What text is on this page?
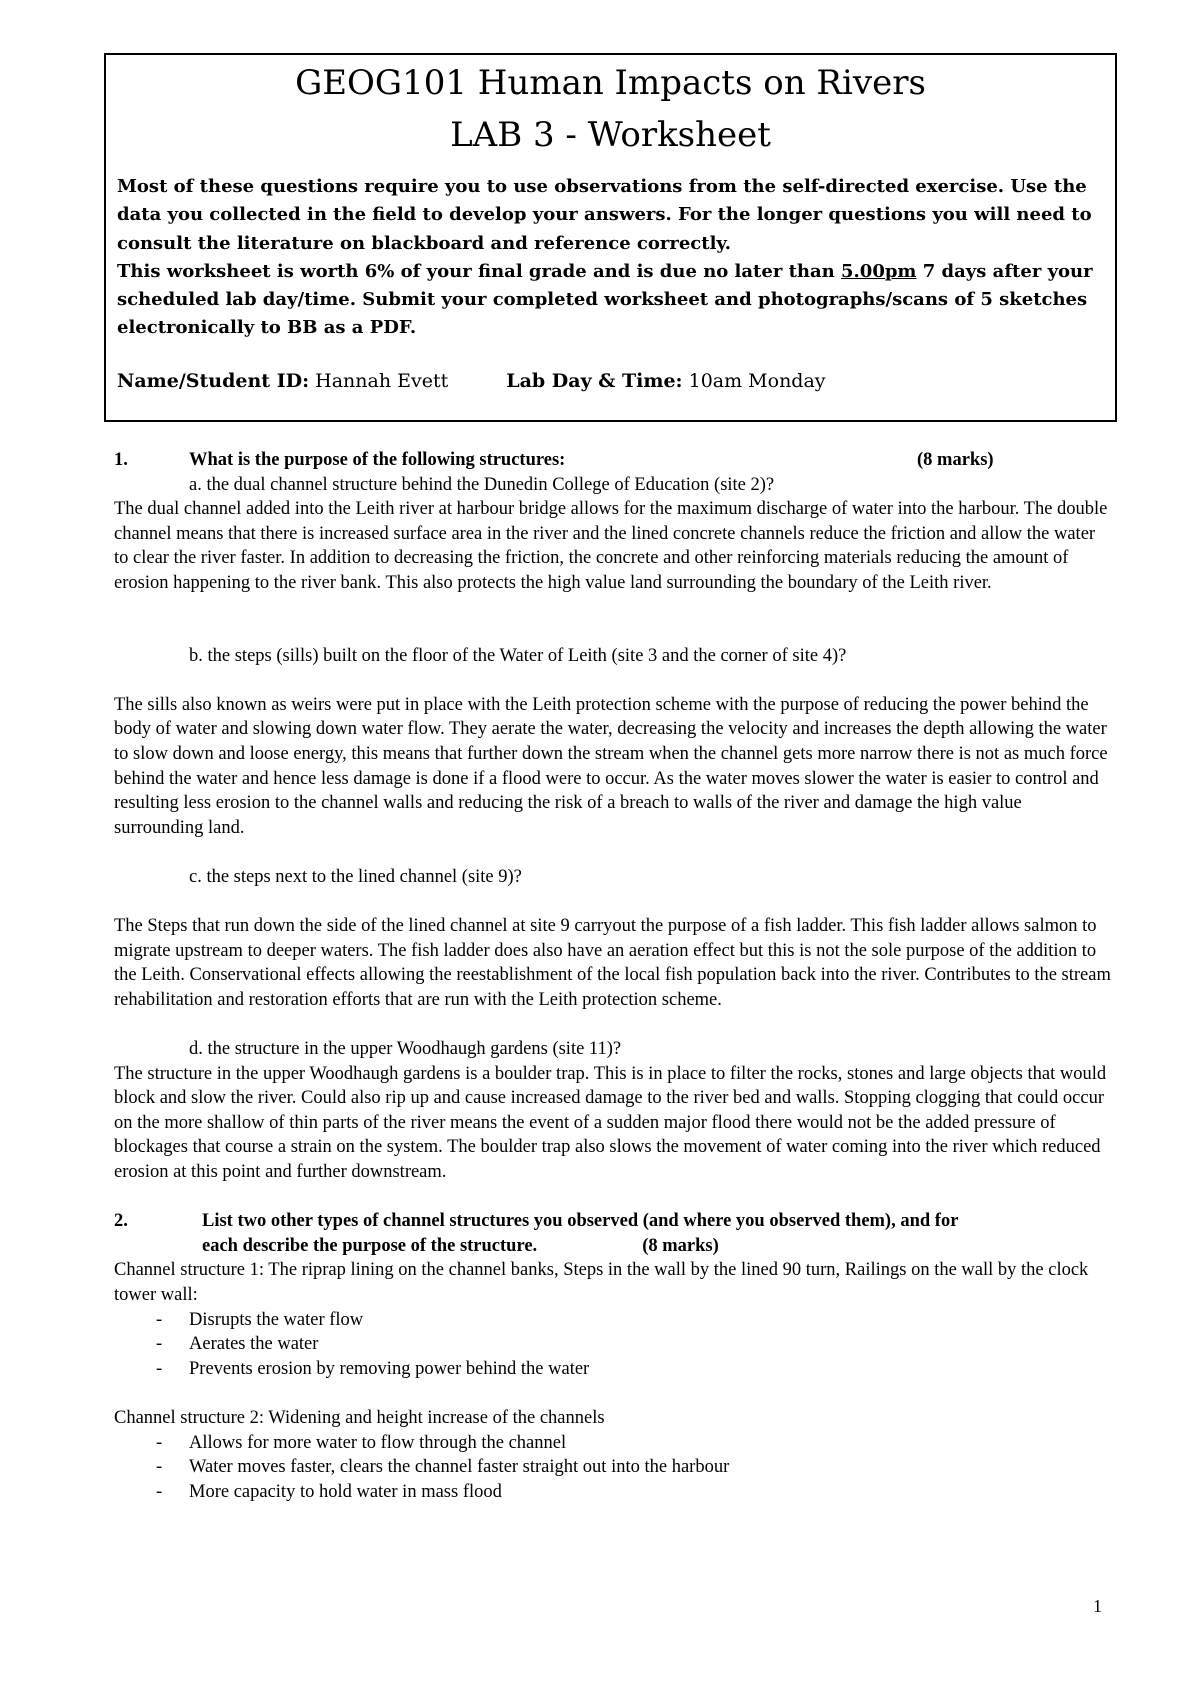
GEOG101 Human Impacts on Rivers
LAB 3 - Worksheet
Most of these questions require you to use observations from the self-directed exercise. Use the data you collected in the field to develop your answers. For the longer questions you will need to consult the literature on blackboard and reference correctly.
This worksheet is worth 6% of your final grade and is due no later than 5.00pm 7 days after your scheduled lab day/time. Submit your completed worksheet and photographs/scans of 5 sketches electronically to BB as a PDF.
Name/Student ID: Hannah Evett	Lab Day & Time: 10am Monday
1.	What is the purpose of the following structures:	(8 marks)

a. the dual channel structure behind the Dunedin College of Education (site 2)?

The dual channel added into the Leith river at harbour bridge allows for the maximum discharge of water into the harbour. The double channel means that there is increased surface area in the river and the lined concrete channels reduce the friction and allow the water to clear the river faster. In addition to decreasing the friction, the concrete and other reinforcing materials reducing the amount of erosion happening to the river bank. This also protects the high value land surrounding the boundary of the Leith river.

b. the steps (sills) built on the floor of the Water of Leith (site 3 and the corner of site 4)?

The sills also known as weirs were put in place with the Leith protection scheme with the purpose of reducing the power behind the body of water and slowing down water flow. They aerate the water, decreasing the velocity and increases the depth allowing the water to slow down and loose energy, this means that further down the stream when the channel gets more narrow there is not as much force behind the water and hence less damage is done if a flood were to occur. As the water moves slower the water is easier to control and resulting less erosion to the channel walls and reducing the risk of a breach to walls of the river and damage the high value surrounding land.

c. the steps next to the lined channel (site 9)?

The Steps that run down the side of the lined channel at site 9 carryout the purpose of a fish ladder. This fish ladder allows salmon to migrate upstream to deeper waters. The fish ladder does also have an aeration effect but this is not the sole purpose of the addition to the Leith. Conservational effects allowing the reestablishment of the local fish population back into the river. Contributes to the stream rehabilitation and restoration efforts that are run with the Leith protection scheme.

d. the structure in the upper Woodhaugh gardens (site 11)?

The structure in the upper Woodhaugh gardens is a boulder trap. This is in place to filter the rocks, stones and large objects that would block and slow the river. Could also rip up and cause increased damage to the river bed and walls. Stopping clogging that could occur on the more shallow of thin parts of the river means the event of a sudden major flood there would not be the added pressure of blockages that course a strain on the system. The boulder trap also slows the movement of water coming into the river which reduced erosion at this point and further downstream.

2.	List two other types of channel structures you observed (and where you observed them), and for
each describe the purpose of the structure.	(8 marks)

Channel structure 1: The riprap lining on the channel banks, Steps in the wall by the lined 90 turn, Railings on the wall by the clock tower wall:

- Disrupts the water flow
- Aerates the water
- Prevents erosion by removing power behind the water

Channel structure 2: Widening and height increase of the channels

- Allows for more water to flow through the channel
- Water moves faster, clears the channel faster straight out into the harbour
- More capacity to hold water in mass flood
1
